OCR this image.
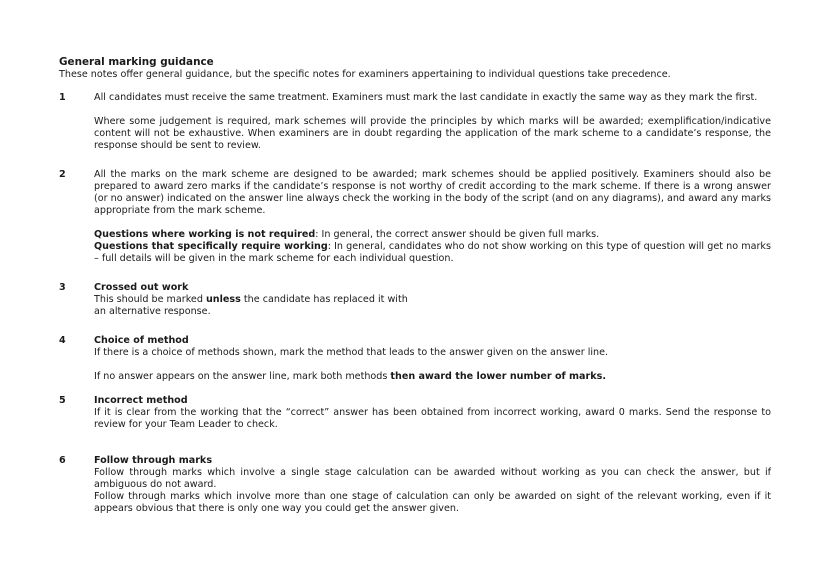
General marking guidance

These notes offer general guidance, but the specific notes for examiners appertaining to individual questions take precedence.

1	All candidates must receive the same treatment. Examiners must mark the last candidate in exactly the same way as they mark the first.

Where some judgement is required, mark schemes will provide the principles by which marks will be awarded; exemplification/indicative content will not be exhaustive. When examiners are in doubt regarding the application of the mark scheme to a candidate’s response, the response should be sent to review.

2	All the marks on the mark scheme are designed to be awarded; mark schemes should be applied positively. Examiners should also be prepared to award zero marks if the candidate’s response is not worthy of credit according to the mark scheme. If there is a wrong answer (or no answer) indicated on the answer line always check the working in the body of the script (and on any diagrams), and award any marks appropriate from the mark scheme.

Questions where working is not required: In general, the correct answer should be given full marks.

Questions that specifically require working: In general, candidates who do not show working on this type of question will get no marks – full details will be given in the mark scheme for each individual question.

3	Crossed out work

This should be marked unless the candidate has replaced it with

an alternative response.

4	Choice of method

If there is a choice of methods shown, mark the method that leads to the answer given on the answer line.

If no answer appears on the answer line, mark both methods then award the lower number of marks.

5	Incorrect method

If it is clear from the working that the “correct” answer has been obtained from incorrect working, award 0 marks. Send the response to review for your Team Leader to check.

6	Follow through marks

Follow through marks which involve a single stage calculation can be awarded without working as you can check the answer, but if ambiguous do not award.

Follow through marks which involve more than one stage of calculation can only be awarded on sight of the relevant working, even if it appears obvious that there is only one way you could get the answer given.
